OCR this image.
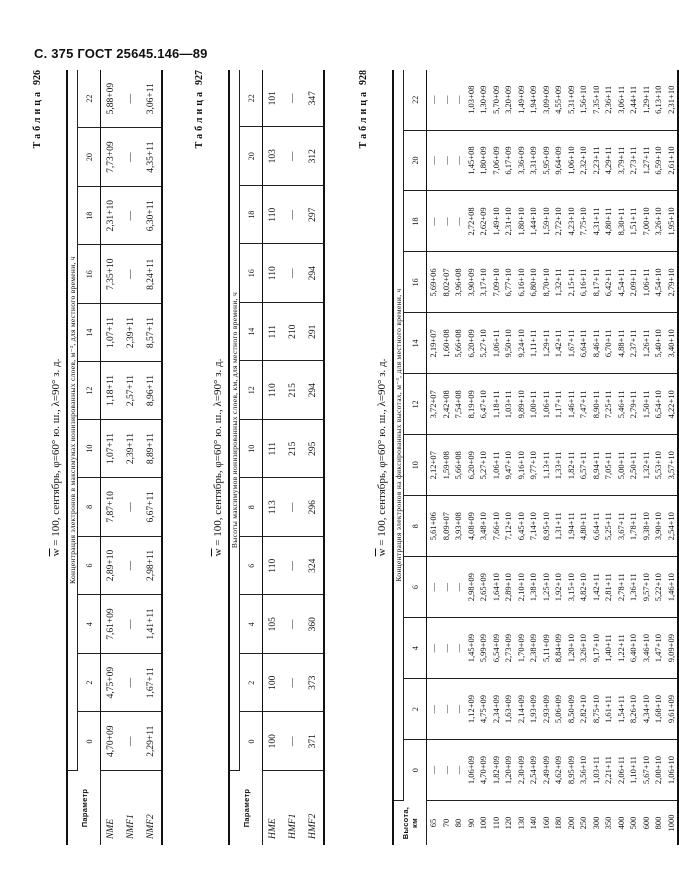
С. 375 ГОСТ 25645.146—89
Таблица926
$\overline{w} = 100$, сентябрь, φ=60° ю. ш., λ=90° з. д.
Параметр	Концентрация электронов в максимумах ионизированных слоев, м⁻³, для местного времени, ч											
	0	2	4	6	8	10	12	14	16	18	20	22
NME	4,70+09	4,75+09	7,61+09	2,89+10	7,87+10	1,07+11	1,18+11	1,07+11	7,35+10	2,31+10	7,73+09	5,88+09
NMF1	—	—	—	—	—	2,39+11	2,57+11	2,39+11	—	—	—	—
NMF2	2,29+11	1,67+11	1,41+11	2,98+11	6,67+11	8,89+11	8,96+11	8,57+11	8,24+11	6,30+11	4,35+11	3,06+11	Таблица927
$\overline{w} = 100$, сентябрь, φ=60° ю. ш., λ=90° з. д.
Параметр	Высоты максимумов ионизированных слоев, км, для местного времени, ч											
	0	2	4	6	8	10	12	14	16	18	20	22
HME	100	100	105	110	113	111	110	111	110	110	103	101
HMF1	—	—	—	—	—	215	215	210	—	—	—	—
HMF2	371	373	360	324	296	295	294	291	294	297	312	347	Таблица928
$\overline{w} = 100$, сентябрь, φ=60° ю. ш., λ=90° з. д.
Высота, км	Концентрация электронов на фиксированных высотах, м⁻³, для местного времени, ч											
	0	2	4	6	8	10	12	14	16	18	20	22
65	—	—	—	—	5,61+06	2,12+07	3,72+07	2,19+07	5,69+06	—	—	—
70	—	—	—	—	8,09+07	1,59+08	2,42+08	1,60+08	8,02+07	—	—	—
80	—	—	—	—	3,93+08	5,66+08	7,54+08	5,66+08	3,96+08	—	—	—
90	1,06+09	1,12+09	1,45+09	2,98+09	4,08+09	6,20+09	8,19+09	6,20+09	3,90+09	2,72+08	1,45+08	1,03+08
100	4,70+09	4,75+09	5,99+09	2,65+09	3,48+10	5,27+10	6,47+10	5,27+10	3,17+10	2,62+09	1,80+09	1,30+09
110	1,82+09	2,34+09	6,54+09	1,64+10	7,66+10	1,06+11	1,18+11	1,06+11	7,09+10	1,49+10	7,06+09	5,70+09
120	1,20+09	1,63+09	2,73+09	2,89+10	7,12+10	9,47+10	1,03+11	9,50+10	6,77+10	2,31+10	6,17+09	3,20+09
130	2,30+09	2,14+09	1,70+09	2,10+10	6,45+10	9,16+10	9,89+10	9,24+10	6,16+10	1,80+10	3,36+09	1,49+09
140	2,54+09	1,93+09	2,38+09	1,38+10	7,14+10	9,77+10	1,00+11	1,11+11	6,80+10	1,44+10	3,31+09	1,94+09
160	2,49+09	2,93+09	5,11+09	1,25+10	8,95+10	1,13+11	1,06+11	1,29+11	8,70+10	1,59+10	5,95+09	3,09+09
180	4,62+09	5,06+09	8,84+09	1,92+10	1,31+11	1,33+11	1,17+11	1,42+11	1,32+11	2,72+10	9,64+09	4,55+09
200	8,95+09	8,50+09	1,20+10	3,15+10	1,94+11	1,82+11	1,46+11	1,67+11	2,15+11	4,23+10	1,06+10	5,31+09
250	3,56+10	2,82+10	3,26+10	4,82+10	4,80+11	6,57+11	7,47+11	6,64+11	6,16+11	7,75+10	2,32+10	1,56+10
300	1,03+11	8,75+10	9,17+10	1,42+11	6,64+11	8,94+11	8,90+11	8,46+11	8,17+11	4,31+11	2,23+11	7,35+10
350	2,21+11	1,61+11	1,40+11	2,81+11	5,25+11	7,05+11	7,25+11	6,70+11	6,42+11	4,80+11	4,29+11	2,36+11
400	2,06+11	1,54+11	1,22+11	2,78+11	3,67+11	5,00+11	5,46+11	4,88+11	4,54+11	8,30+11	3,79+11	3,06+11
500	1,10+11	8,26+10	6,40+10	1,36+11	1,78+11	2,50+11	2,79+11	2,37+11	2,09+11	1,51+11	2,73+11	2,44+11
600	5,67+10	4,34+10	3,46+10	9,57+10	9,38+10	1,32+11	1,50+11	1,26+11	1,06+11	7,00+10	1,27+11	1,29+11
800	2,00+10	1,68+10	1,47+10	5,22+10	3,90+10	5,53+10	6,54+10	5,40+10	4,54+10	3,26+10	6,59+10	6,13+10
1000	1,06+10	9,61+09	9,09+09	1,46+10	2,54+10	3,57+10	4,22+10	3,40+10	2,79+10	1,95+10	2,61+10	2,31+10
